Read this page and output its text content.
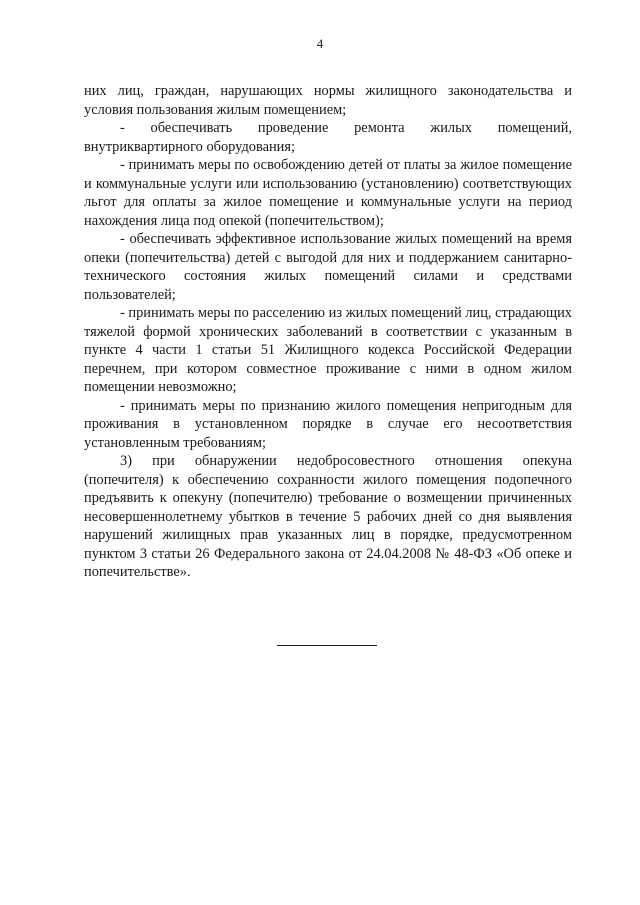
4

них лиц, граждан, нарушающих нормы жилищного законодательства и условия пользования жилым помещением;

- обеспечивать проведение ремонта жилых помещений, внутриквартирного оборудования;

- принимать меры по освобождению детей от платы за жилое помещение и коммунальные услуги или использованию (установлению) соответствующих льгот для оплаты за жилое помещение и коммунальные услуги на период нахождения лица под опекой (попечительством);

- обеспечивать эффективное использование жилых помещений на время опеки (попечительства) детей с выгодой для них и поддержанием санитарно-технического состояния жилых помещений силами и средствами пользователей;

- принимать меры по расселению из жилых помещений лиц, страдающих тяжелой формой хронических заболеваний в соответствии с указанным в пункте 4 части 1 статьи 51 Жилищного кодекса Российской Федерации перечнем, при котором совместное проживание с ними в одном жилом помещении невозможно;

- принимать меры по признанию жилого помещения непригодным для проживания в установленном порядке в случае его несоответствия установленным требованиям;

3) при обнаружении недобросовестного отношения опекуна (попечителя) к обеспечению сохранности жилого помещения подопечного предъявить к опекуну (попечителю) требование о возмещении причиненных несовершеннолетнему убытков в течение 5 рабочих дней со дня выявления нарушений жилищных прав указанных лиц в порядке, предусмотренном пунктом 3 статьи 26 Федерального закона от 24.04.2008 № 48-ФЗ «Об опеке и попечительстве».
